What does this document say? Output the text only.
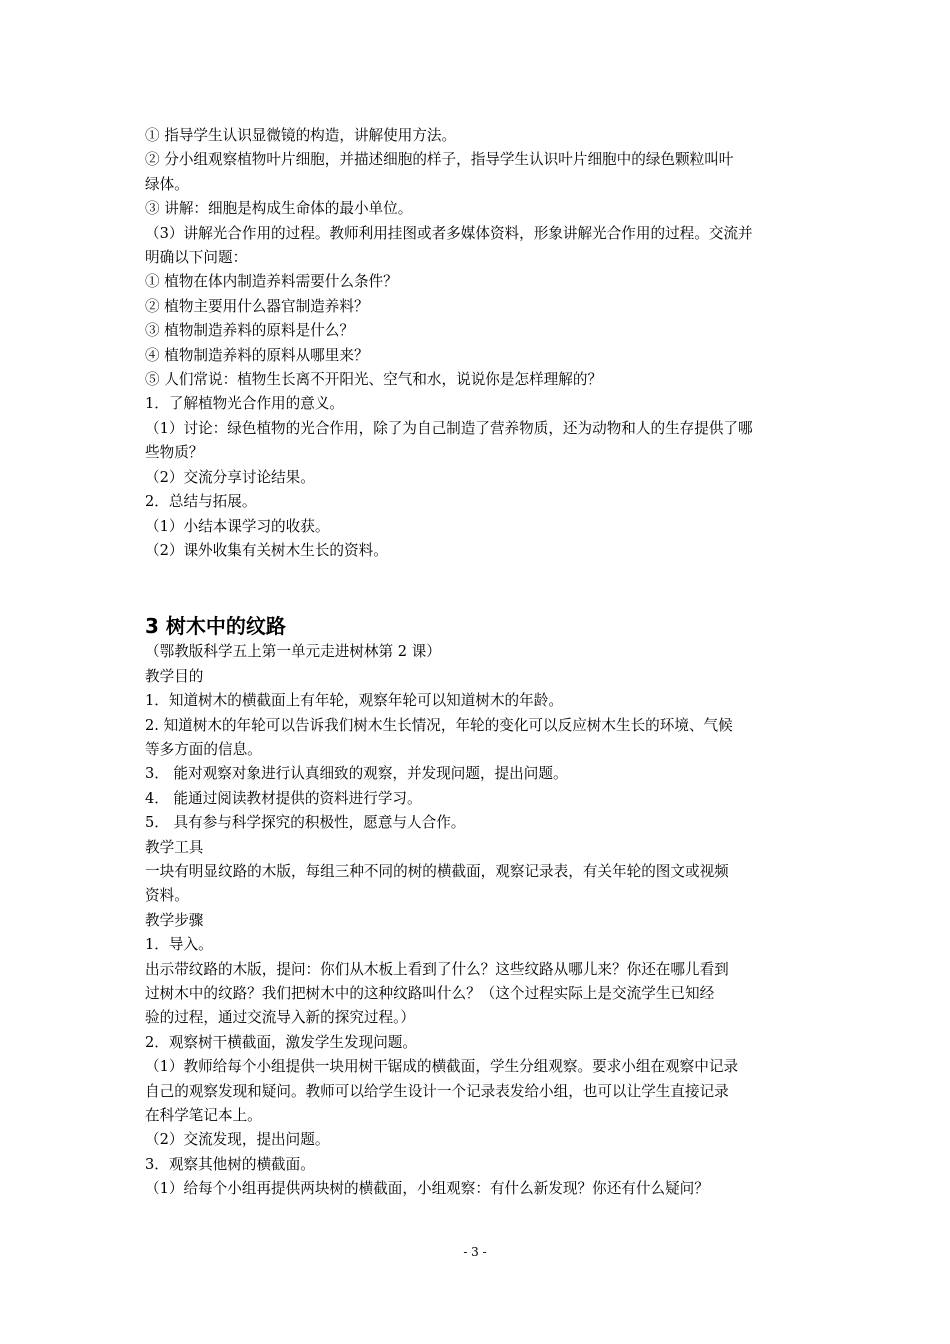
① 指导学生认识显微镜的构造，讲解使用方法。
② 分小组观察植物叶片细胞，并描述细胞的样子，指导学生认识叶片细胞中的绿色颗粒叫叶
绿体。
③ 讲解：细胞是构成生命体的最小单位。
（3）讲解光合作用的过程。教师利用挂图或者多媒体资料，形象讲解光合作用的过程。交流并
明确以下问题：
① 植物在体内制造养料需要什么条件？
② 植物主要用什么器官制造养料？
③ 植物制造养料的原料是什么？
④ 植物制造养料的原料从哪里来？
⑤ 人们常说：植物生长离不开阳光、空气和水，说说你是怎样理解的？
1．了解植物光合作用的意义。
（1）讨论：绿色植物的光合作用，除了为自己制造了营养物质，还为动物和人的生存提供了哪
些物质？
（2）交流分享讨论结果。
2．总结与拓展。
（1）小结本课学习的收获。
（2）课外收集有关树木生长的资料。
3 树木中的纹路
（鄂教版科学五上第一单元走进树林第 2 课）
教学目的
1．知道树木的横截面上有年轮，观察年轮可以知道树木的年龄。
2. 知道树木的年轮可以告诉我们树木生长情况，年轮的变化可以反应树木生长的环境、气候
等多方面的信息。
3． 能对观察对象进行认真细致的观察，并发现问题，提出问题。
4． 能通过阅读教材提供的资料进行学习。
5． 具有参与科学探究的积极性，愿意与人合作。
教学工具
一块有明显纹路的木版，每组三种不同的树的横截面，观察记录表，有关年轮的图文或视频
资料。
教学步骤
1．导入。
出示带纹路的木版，提问：你们从木板上看到了什么？这些纹路从哪儿来？你还在哪儿看到
过树木中的纹路？我们把树木中的这种纹路叫什么？（这个过程实际上是交流学生已知经
验的过程，通过交流导入新的探究过程。）
2．观察树干横截面，激发学生发现问题。
（1）教师给每个小组提供一块用树干锯成的横截面，学生分组观察。要求小组在观察中记录
自己的观察发现和疑问。教师可以给学生设计一个记录表发给小组，也可以让学生直接记录
在科学笔记本上。
（2）交流发现，提出问题。
3．观察其他树的横截面。
（1）给每个小组再提供两块树的横截面，小组观察：有什么新发现？你还有什么疑问？
- 3 -
